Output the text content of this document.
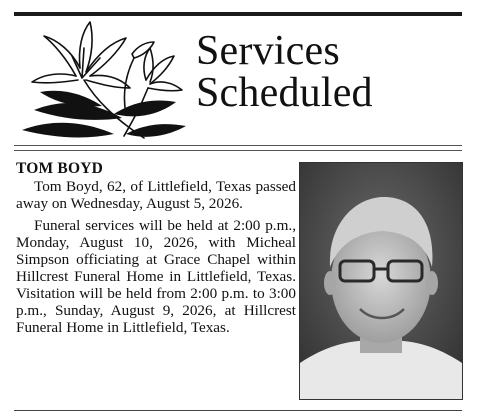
Services
Scheduled
TOM BOYD

Tom Boyd, 62, of Littlefield, Texas passed away on Wednesday, August 5, 2026.

Funeral services will be held at 2:00 p.m., Monday, August 10, 2026, with Micheal Simpson officiating at Grace Chapel within Hillcrest Funeral Home in Littlefield, Texas. Visitation will be held from 2:00 p.m. to 3:00 p.m., Sunday, August 9, 2026, at Hillcrest Funeral Home in Littlefield, Texas.
